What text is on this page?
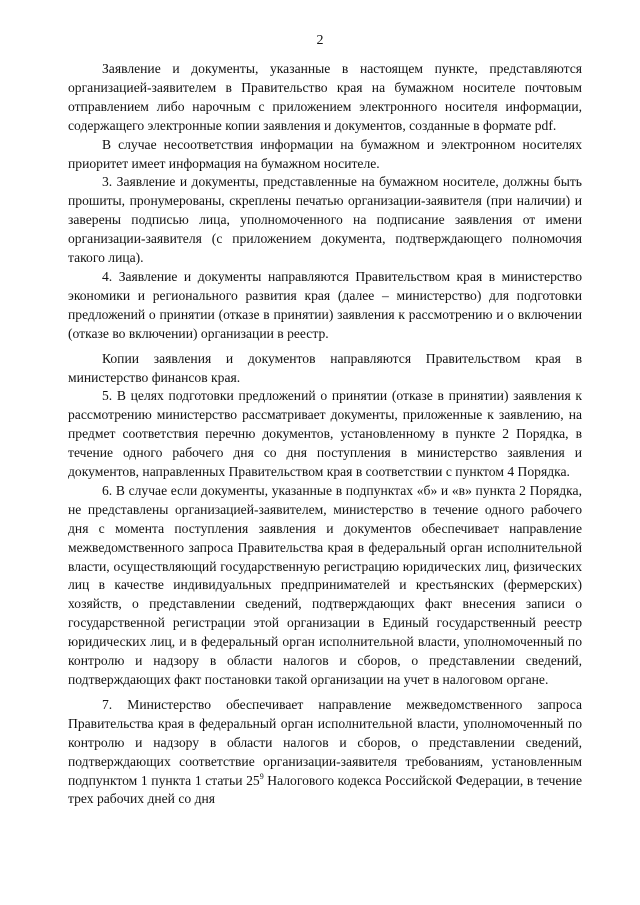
2

Заявление и документы, указанные в настоящем пункте, представляются организацией-заявителем в Правительство края на бумажном носителе почтовым отправлением либо нарочным с приложением электронного носителя информации, содержащего электронные копии заявления и документов, созданные в формате pdf.

В случае несоответствия информации на бумажном и электронном носителях приоритет имеет информация на бумажном носителе.

3. Заявление и документы, представленные на бумажном носителе, должны быть прошиты, пронумерованы, скреплены печатью организации-заявителя (при наличии) и заверены подписью лица, уполномоченного на подписание заявления от имени организации-заявителя (с приложением документа, подтверждающего полномочия такого лица).

4. Заявление и документы направляются Правительством края в министерство экономики и регионального развития края (далее – министерство) для подготовки предложений о принятии (отказе в принятии) заявления к рассмотрению и о включении (отказе во включении) организации в реестр.

Копии заявления и документов направляются Правительством края в министерство финансов края.

5. В целях подготовки предложений о принятии (отказе в принятии) заявления к рассмотрению министерство рассматривает документы, приложенные к заявлению, на предмет соответствия перечню документов, установленному в пункте 2 Порядка, в течение одного рабочего дня со дня поступления в министерство заявления и документов, направленных Правительством края в соответствии с пунктом 4 Порядка.

6. В случае если документы, указанные в подпунктах «б» и «в» пункта 2 Порядка, не представлены организацией-заявителем, министерство в течение одного рабочего дня с момента поступления заявления и документов обеспечивает направление межведомственного запроса Правительства края в федеральный орган исполнительной власти, осуществляющий государственную регистрацию юридических лиц, физических лиц в качестве индивидуальных предпринимателей и крестьянских (фермерских) хозяйств, о представлении сведений, подтверждающих факт внесения записи о государственной регистрации этой организации в Единый государственный реестр юридических лиц, и в федеральный орган исполнительной власти, уполномоченный по контролю и надзору в области налогов и сборов, о представлении сведений, подтверждающих факт постановки такой организации на учет в налоговом органе.

7. Министерство обеспечивает направление межведомственного запроса Правительства края в федеральный орган исполнительной власти, уполномоченный по контролю и надзору в области налогов и сборов, о представлении сведений, подтверждающих соответствие организации-заявителя требованиям, установленным подпунктом 1 пункта 1 статьи $25^9$ Налогового кодекса Российской Федерации, в течение трех рабочих дней со дня
